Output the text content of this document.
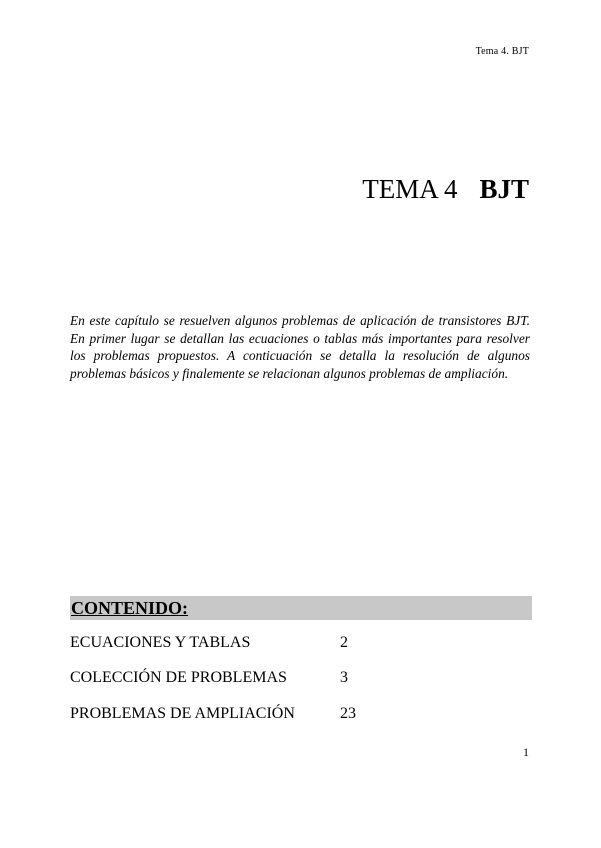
Tema 4. BJT
TEMA 4 BJT

En este capítulo se resuelven algunos problemas de aplicación de transistores BJT. En primer lugar se detallan las ecuaciones o tablas más importantes para resolver los problemas propuestos. A conticuación se detalla la resolución de algunos problemas básicos y finalemente se relacionan algunos problemas de ampliación.

CONTENIDO:
ECUACIONES Y TABLAS	2
COLECCIÓN DE PROBLEMAS	3
PROBLEMAS DE AMPLIACIÓN	23
1
